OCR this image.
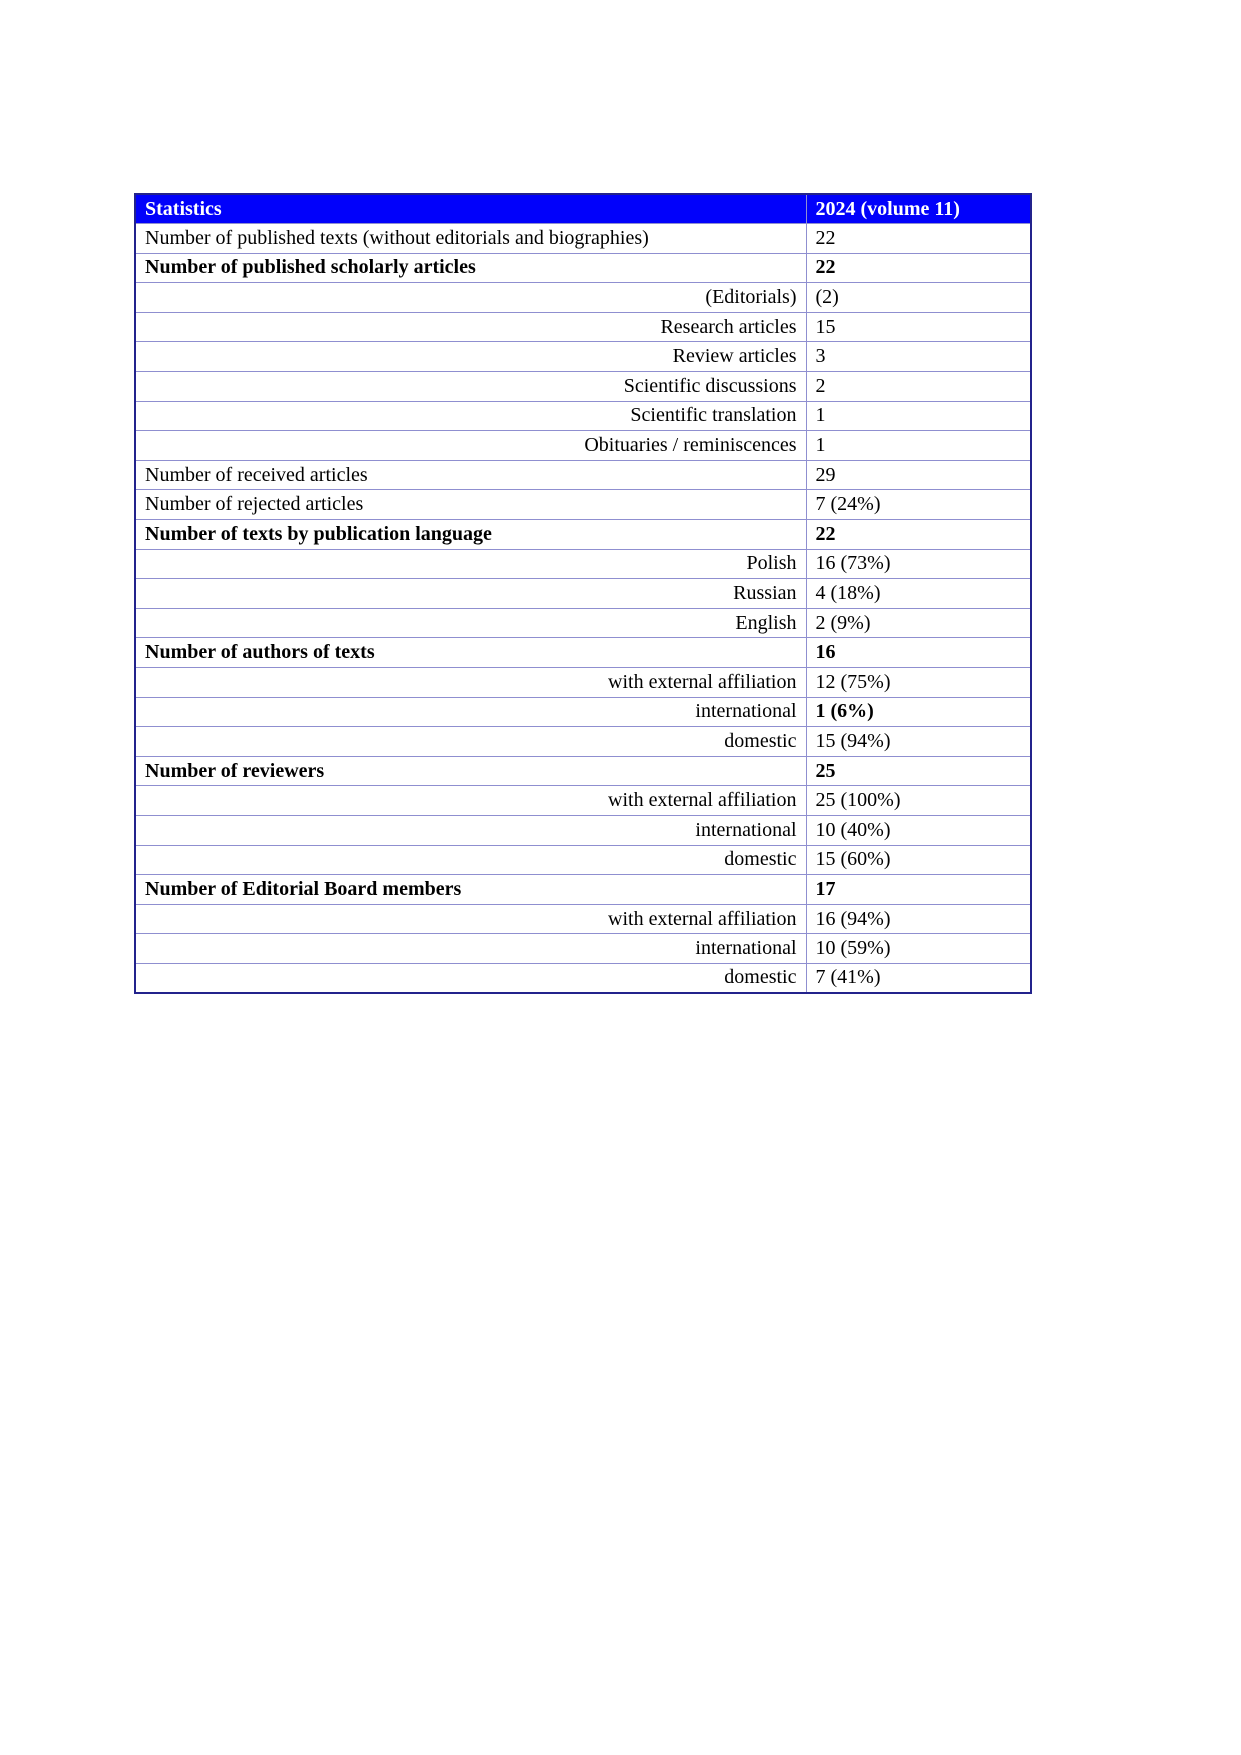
Statistics	2024 (volume 11)
Number of published texts (without editorials and biographies)	22
Number of published scholarly articles	22
(Editorials)	(2)
Research articles	15
Review articles	3
Scientific discussions	2
Scientific translation	1
Obituaries / reminiscences	1
Number of received articles	29
Number of rejected articles	7 (24%)
Number of texts by publication language	22
Polish	16 (73%)
Russian	4 (18%)
English	2 (9%)
Number of authors of texts	16
with external affiliation	12 (75%)
international	1 (6%)
domestic	15 (94%)
Number of reviewers	25
with external affiliation	25 (100%)
international	10 (40%)
domestic	15 (60%)
Number of Editorial Board members	17
with external affiliation	16 (94%)
international	10 (59%)
domestic	7 (41%)
